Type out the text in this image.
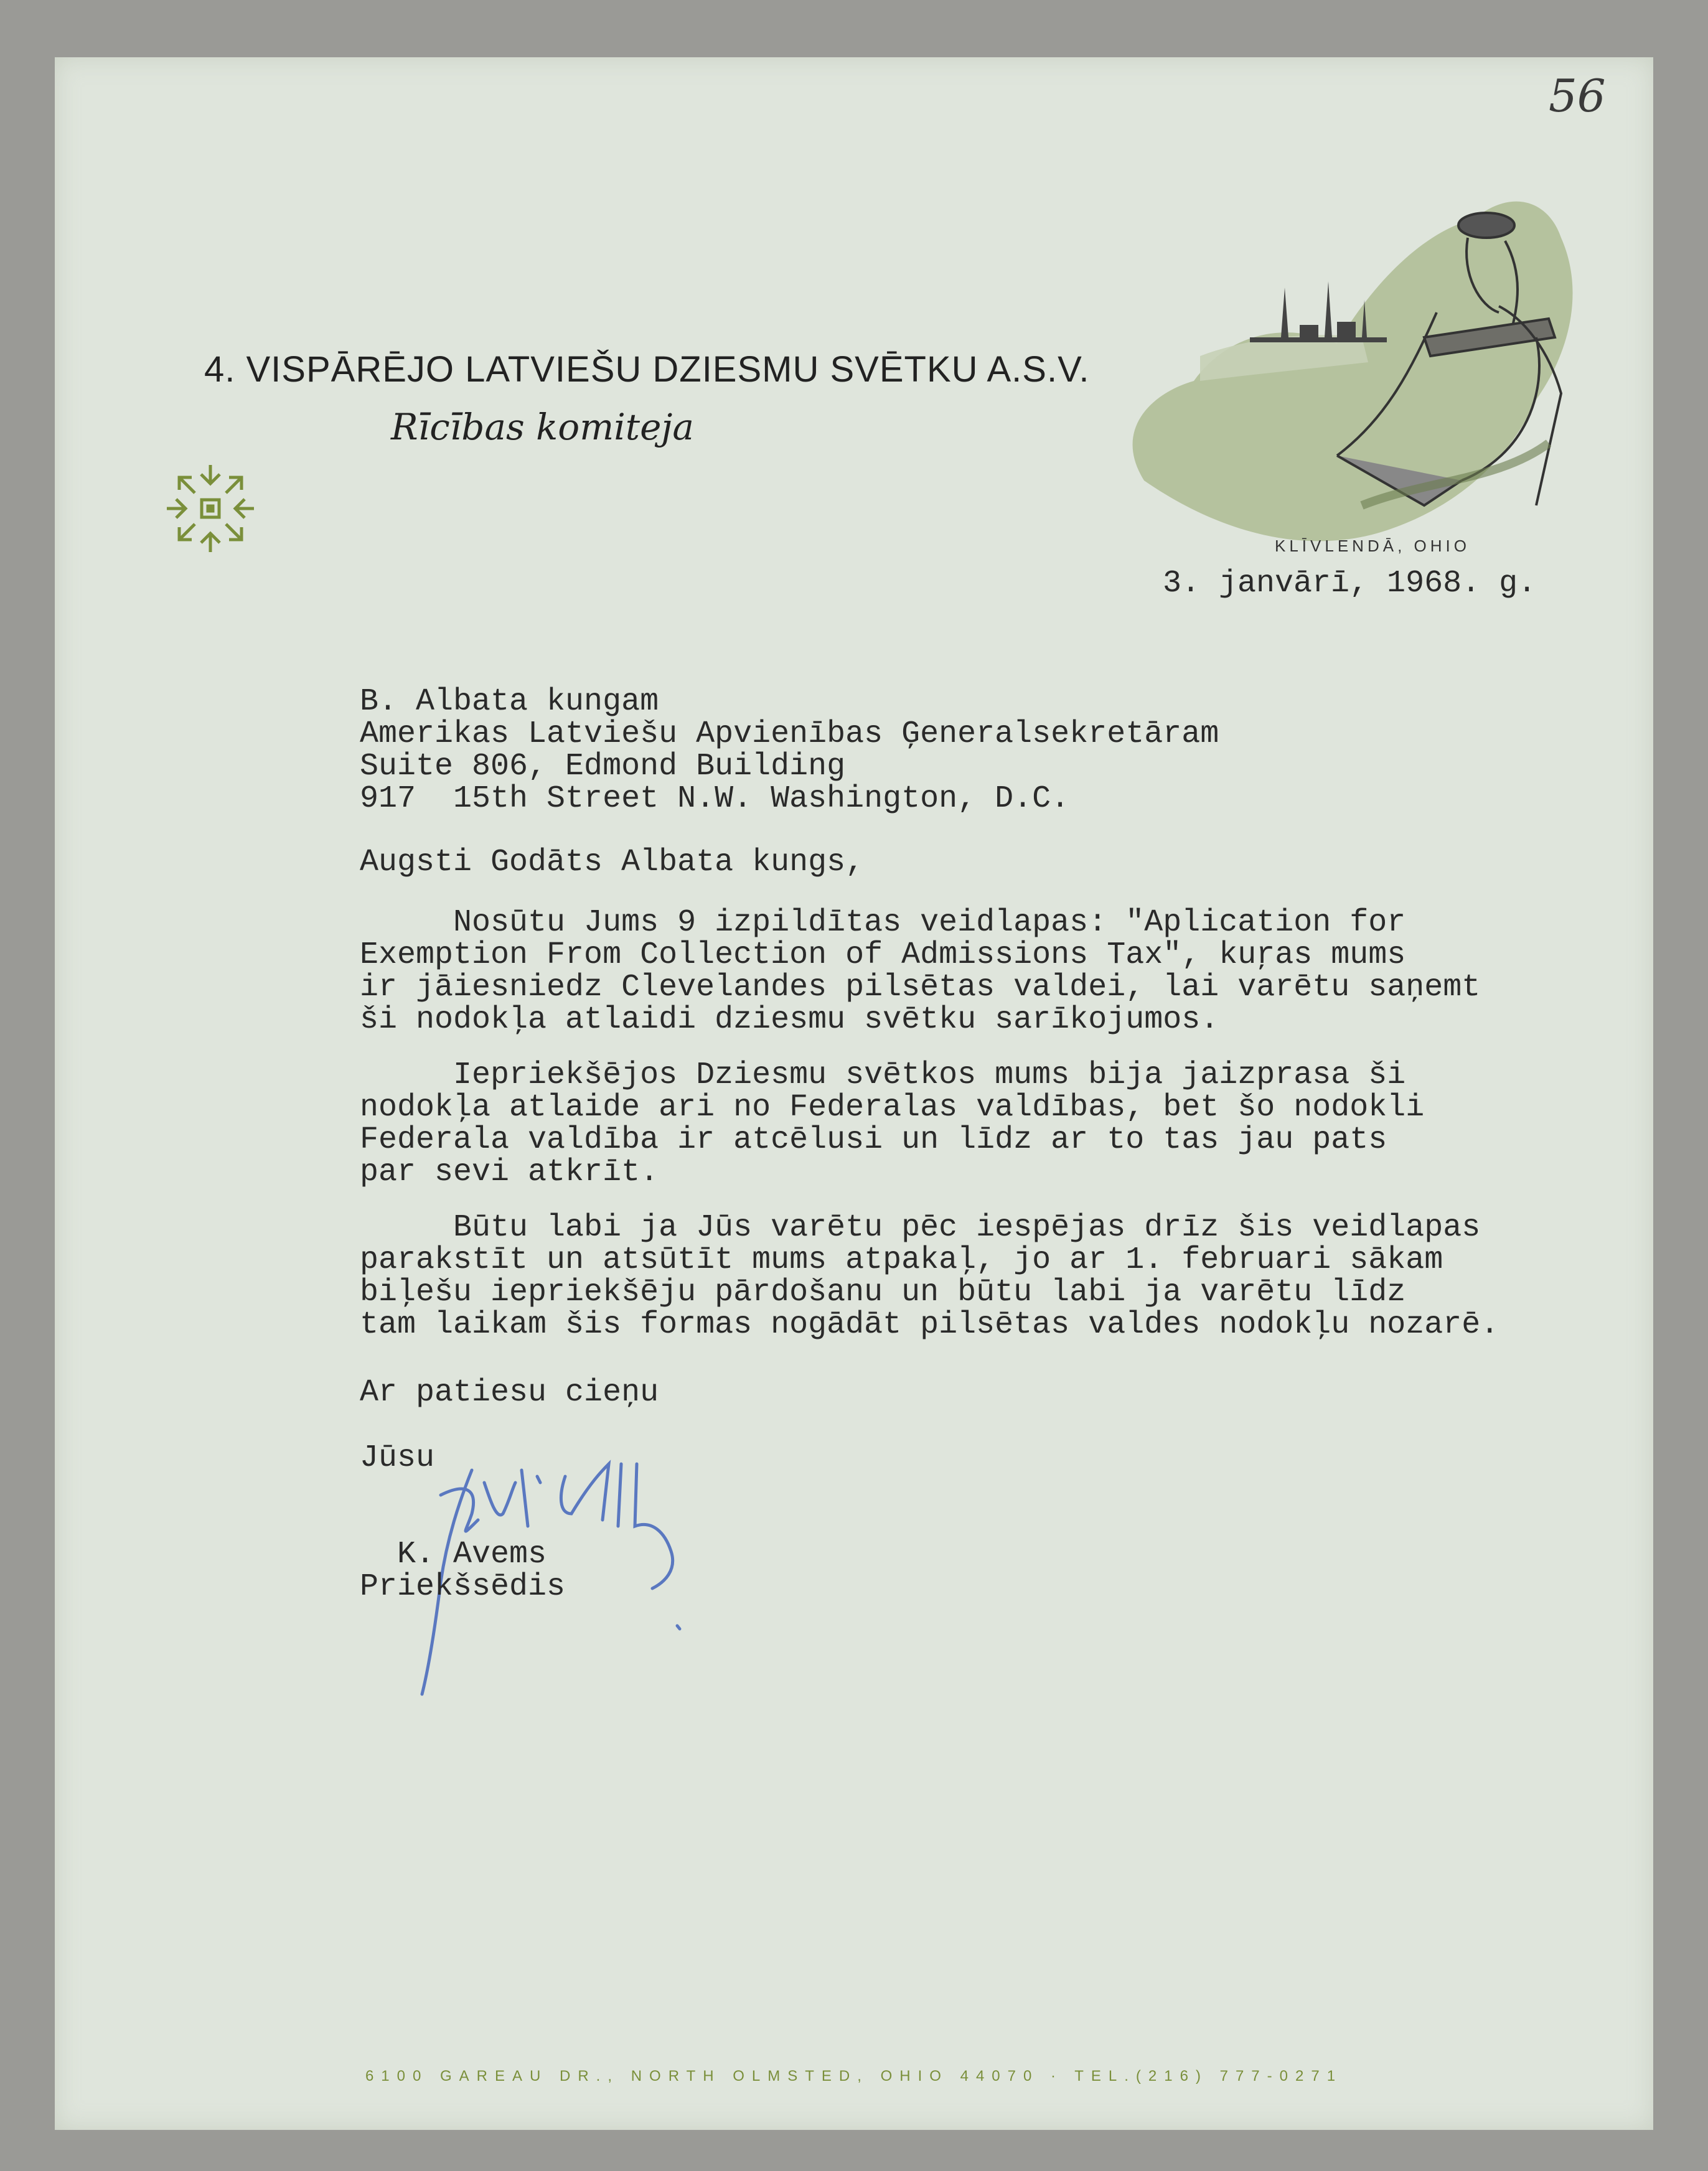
56
4. VISPĀRĒJO LATVIEŠU DZIESMU SVĒTKU A.S.V.
Rīcības komiteja
KLĪVLENDĀ, OHIO
3. janvārī, 1968. g.
B. Albata kungam
Amerikas Latviešu Apvienības Ģeneralsekretāram
Suite 806, Edmond Building
917  15th Street N.W. Washington, D.C.
Augsti Godāts Albata kungs,
Nosūtu Jums 9 izpildītas veidlapas: "Aplication for
Exemption From Collection of Admissions Tax", kuŗas mums
ir jāiesniedz Clevelandes pilsētas valdei, lai varētu saņemt
ši nodokļa atlaidi dziesmu svētku sarīkojumos.
Iepriekšējos Dziesmu svētkos mums bija jaizprasa ši
nodokļa atlaide ari no Federalas valdības, bet šo nodokli
Federala valdība ir atcēlusi un līdz ar to tas jau pats
par sevi atkrīt.
Būtu labi ja Jūs varētu pēc iespējas drīz šis veidlapas
parakstīt un atsūtīt mums atpakaļ, jo ar 1. februari sākam
biļešu iepriekšēju pārdošanu un būtu labi ja varētu līdz
tam laikam šis formas nogādāt pilsētas valdes nodokļu nozarē.
Ar patiesu cieņu
Jūsu
K. Avems
Priekšsēdis
6100 GAREAU DR., NORTH OLMSTED, OHIO 44070 · TEL.(216) 777-0271
